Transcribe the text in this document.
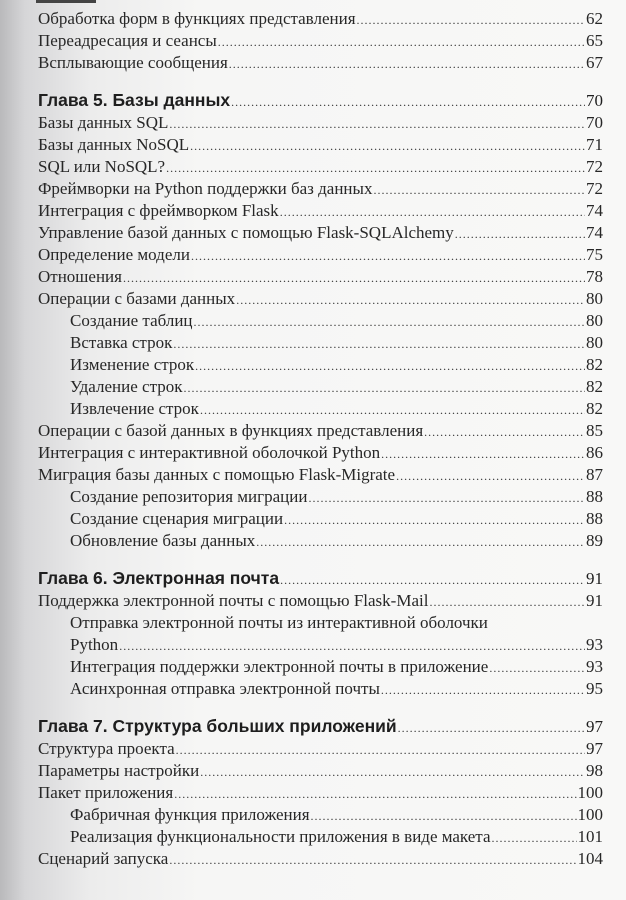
Обработка форм в функциях представления .....	62
Переадресация и сеансы .....	65
Всплывающие сообщения .....	67
Глава 5. Базы данных .....	70
Базы данных SQL .....	70
Базы данных NoSQL .....	71
SQL или NoSQL? .....	72
Фреймворки на Python поддержки баз данных .....	72
Интеграция с фреймворком Flask .....	74
Управление базой данных с помощью Flask-SQLAlchemy .....	74
Определение модели .....	75
Отношения .....	78
Операции с базами данных .....	80
Создание таблиц .....	80
Вставка строк .....	80
Изменение строк .....	82
Удаление строк .....	82
Извлечение строк .....	82
Операции с базой данных в функциях представления .....	85
Интеграция с интерактивной оболочкой Python .....	86
Миграция базы данных с помощью Flask-Migrate .....	87
Создание репозитория миграции .....	88
Создание сценария миграции .....	88
Обновление базы данных .....	89
Глава 6. Электронная почта .....	91
Поддержка электронной почты с помощью Flask-Mail .....	91
Отправка электронной почты из интерактивной оболочки
Python .....	93
Интеграция поддержки электронной почты в приложение .....	93
Асинхронная отправка электронной почты .....	95
Глава 7. Структура больших приложений .....	97
Структура проекта .....	97
Параметры настройки .....	98
Пакет приложения .....	100
Фабричная функция приложения .....	100
Реализация функциональности приложения в виде макета .....	101
Сценарий запуска .....	104
